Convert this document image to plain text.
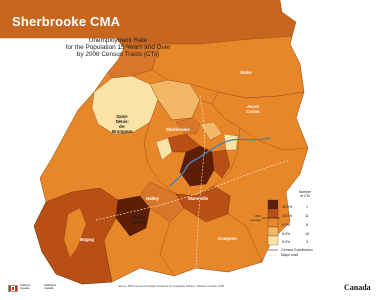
Sherbrooke CMA
Unemployment Rate
for the Population 15 Years and Over
by 2006 Census Tracts (CTs)
Stoke
Ascot
Corner
Saint-
Denis-
de-
Brompton	Sherbrooke
Hatley	Waterville
North
Hatley
Magog	Compton
Number
of CTs
16.0%	1
10.0%	11
8.0%	8
6.5%	16
5.0%	3
CMA
average
Census Subdivision
Major road
Statistics
Canada
Statistique
Canada
Source: 2006 Census of Canada. Produced by Geography Division, Statistics Canada, 2008.	Canada
